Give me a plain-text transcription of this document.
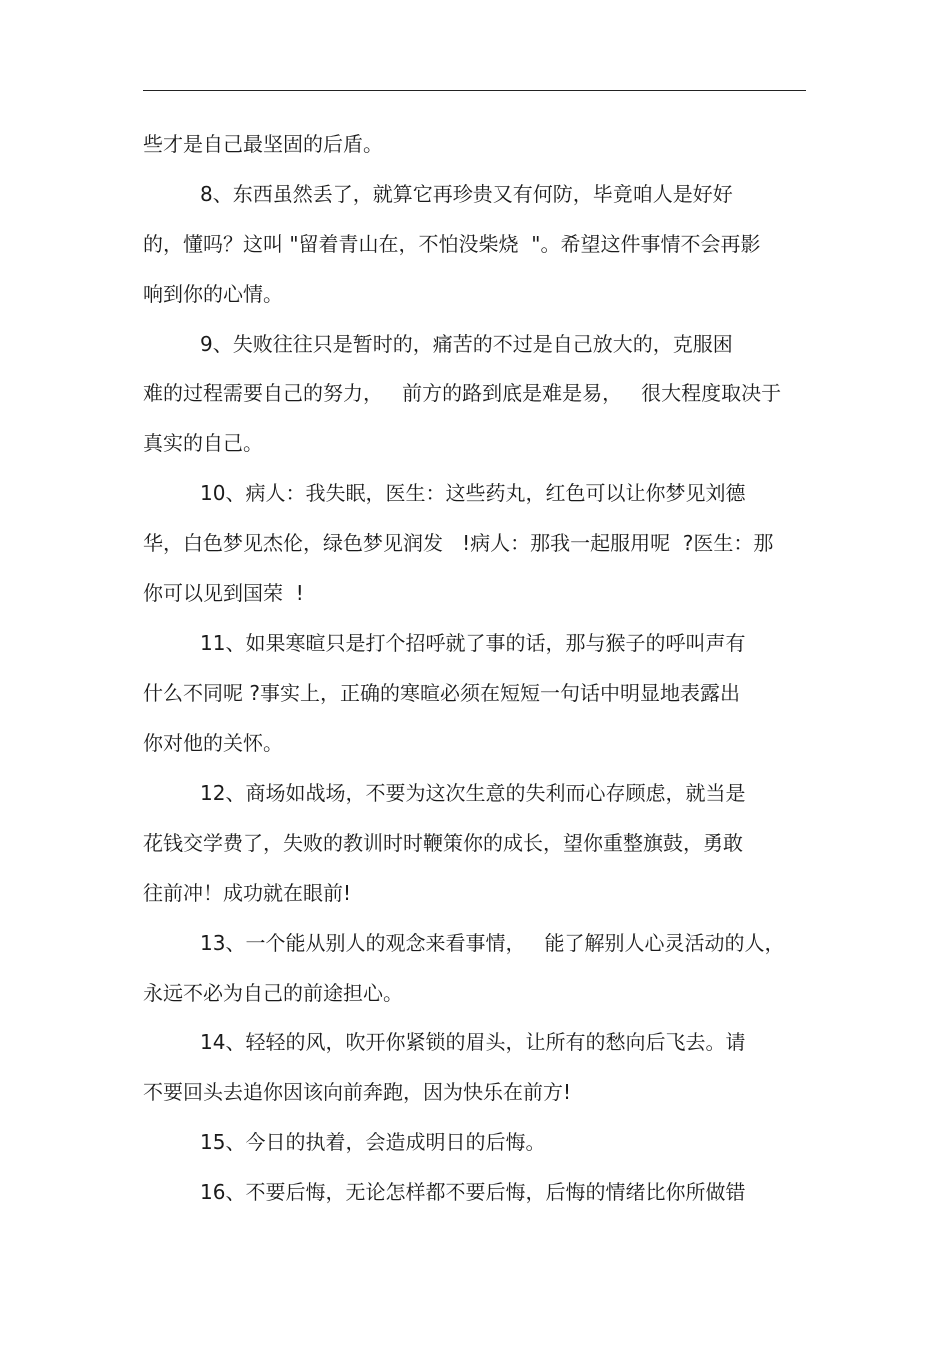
些才是自己最坚固的后盾。
8、东西虽然丢了，就算它再珍贵又有何防，毕竟咱人是好好
的，懂吗？这叫 "留着青山在，不怕没柴烧  "。希望这件事情不会再影
响到你的心情。
9、失败往往只是暂时的，痛苦的不过是自己放大的，克服困
难的过程需要自己的努力，   前方的路到底是难是易，   很大程度取决于
真实的自己。
10、病人：我失眠，医生：这些药丸，红色可以让你梦见刘德
华，白色梦见杰伦，绿色梦见润发   !病人：那我一起服用呢  ?医生：那
你可以见到国荣  !
11、如果寒暄只是打个招呼就了事的话，那与猴子的呼叫声有
什么不同呢 ?事实上，正确的寒暄必须在短短一句话中明显地表露出
你对他的关怀。
12、商场如战场，不要为这次生意的失利而心存顾虑，就当是
花钱交学费了，失败的教训时时鞭策你的成长，望你重整旗鼓，勇敢
往前冲！成功就在眼前!
13、一个能从别人的观念来看事情，   能了解别人心灵活动的人，
永远不必为自己的前途担心。
14、轻轻的风，吹开你紧锁的眉头，让所有的愁向后飞去。请
不要回头去追你因该向前奔跑，因为快乐在前方!
15、今日的执着，会造成明日的后悔。
16、不要后悔，无论怎样都不要后悔，后悔的情绪比你所做错
